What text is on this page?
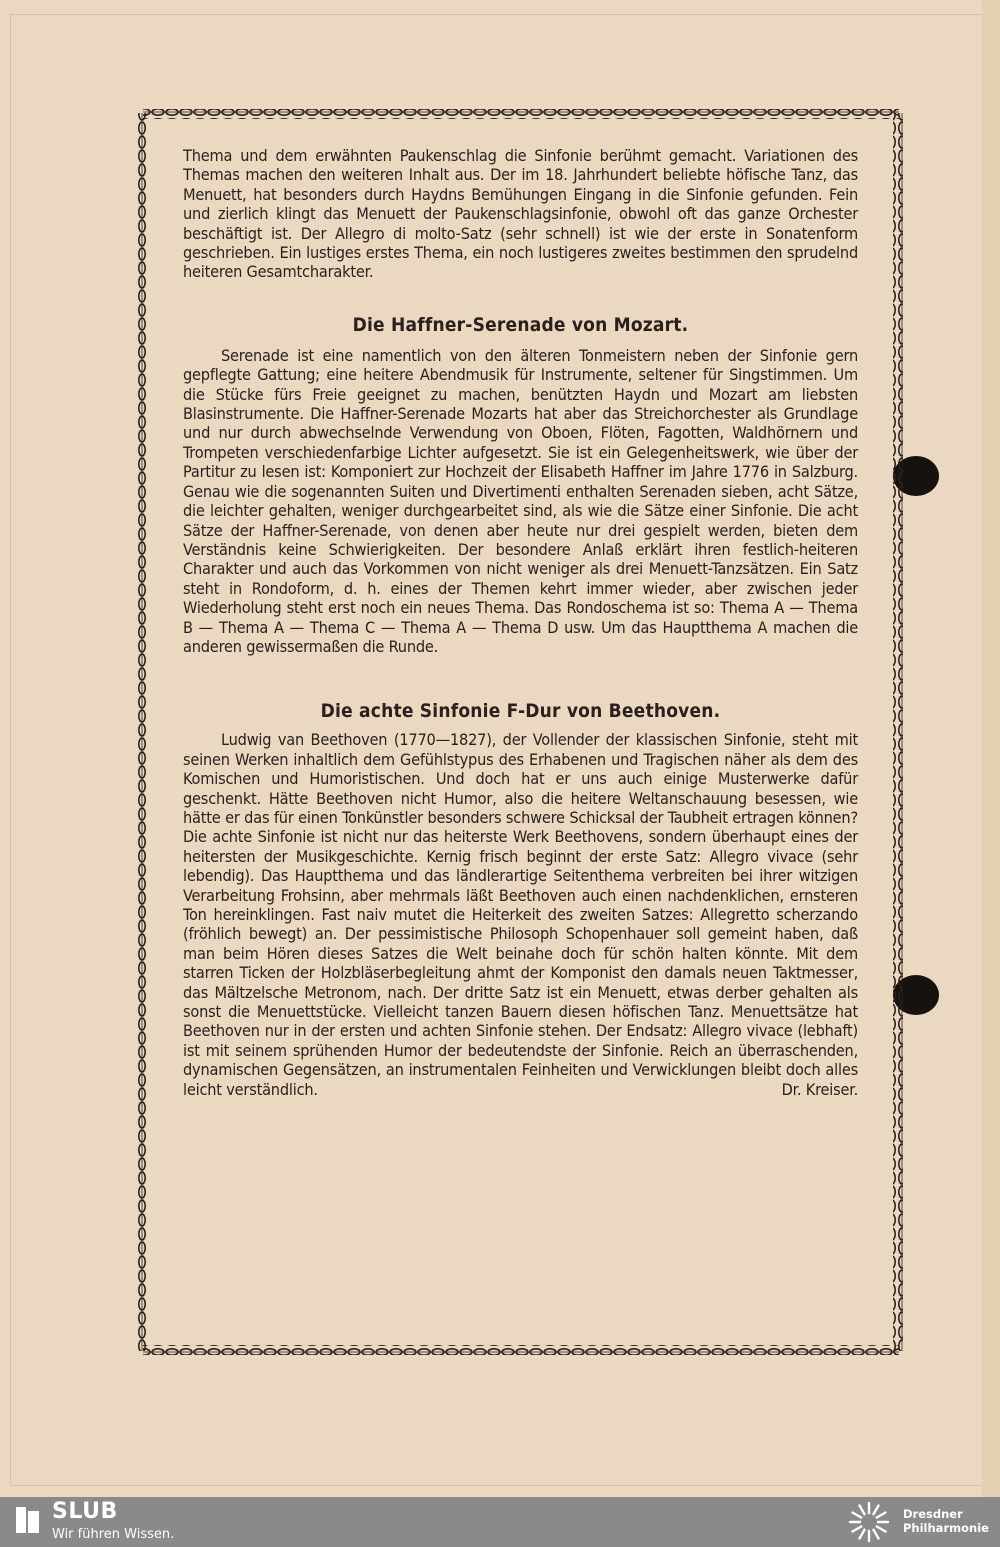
Thema und dem erwähnten Paukenschlag die Sinfonie berühmt gemacht. Variationen des Themas machen den weiteren Inhalt aus. Der im 18. Jahrhundert beliebte höfische Tanz, das Menuett, hat besonders durch Haydns Bemühungen Eingang in die Sinfonie gefunden. Fein und zierlich klingt das Menuett der Paukenschlagsinfonie, obwohl oft das ganze Orchester beschäftigt ist. Der Allegro di molto-Satz (sehr schnell) ist wie der erste in Sonatenform geschrieben. Ein lustiges erstes Thema, ein noch lustigeres zweites bestimmen den sprudelnd heiteren Gesamtcharakter.

Die Haffner-Serenade von Mozart.

Serenade ist eine namentlich von den älteren Tonmeistern neben der Sinfonie gern gepflegte Gattung; eine heitere Abendmusik für Instrumente, seltener für Singstimmen. Um die Stücke fürs Freie geeignet zu machen, benützten Haydn und Mozart am liebsten Blasinstrumente. Die Haffner-Serenade Mozarts hat aber das Streichorchester als Grundlage und nur durch abwechselnde Verwendung von Oboen, Flöten, Fagotten, Waldhörnern und Trompeten verschiedenfarbige Lichter aufgesetzt. Sie ist ein Gelegenheitswerk, wie über der Partitur zu lesen ist: Komponiert zur Hochzeit der Elisabeth Haffner im Jahre 1776 in Salzburg. Genau wie die sogenannten Suiten und Divertimenti enthalten Serenaden sieben, acht Sätze, die leichter gehalten, weniger durchgearbeitet sind, als wie die Sätze einer Sinfonie. Die acht Sätze der Haffner-Serenade, von denen aber heute nur drei gespielt werden, bieten dem Verständnis keine Schwierigkeiten. Der besondere Anlaß erklärt ihren festlich-heiteren Charakter und auch das Vorkommen von nicht weniger als drei Menuett-Tanzsätzen. Ein Satz steht in Rondoform, d. h. eines der Themen kehrt immer wieder, aber zwischen jeder Wiederholung steht erst noch ein neues Thema. Das Rondoschema ist so: Thema A — Thema B — Thema A — Thema C — Thema A — Thema D usw. Um das Hauptthema A machen die anderen gewissermaßen die Runde.

Die achte Sinfonie F-Dur von Beethoven.

Ludwig van Beethoven (1770—1827), der Vollender der klassischen Sinfonie, steht mit seinen Werken inhaltlich dem Gefühlstypus des Erhabenen und Tragischen näher als dem des Komischen und Humoristischen. Und doch hat er uns auch einige Musterwerke dafür geschenkt. Hätte Beethoven nicht Humor, also die heitere Weltanschauung besessen, wie hätte er das für einen Tonkünstler besonders schwere Schicksal der Taubheit ertragen können? Die achte Sinfonie ist nicht nur das heiterste Werk Beethovens, sondern überhaupt eines der heitersten der Musikgeschichte. Kernig frisch beginnt der erste Satz: Allegro vivace (sehr lebendig). Das Hauptthema und das ländlerartige Seitenthema verbreiten bei ihrer witzigen Verarbeitung Frohsinn, aber mehrmals läßt Beethoven auch einen nachdenklichen, ernsteren Ton hereinklingen. Fast naiv mutet die Heiterkeit des zweiten Satzes: Allegretto scherzando (fröhlich bewegt) an. Der pessimistische Philosoph Schopenhauer soll gemeint haben, daß man beim Hören dieses Satzes die Welt beinahe doch für schön halten könnte. Mit dem starren Ticken der Holzbläserbegleitung ahmt der Komponist den damals neuen Taktmesser, das Mältzelsche Metronom, nach. Der dritte Satz ist ein Menuett, etwas derber gehalten als sonst die Menuettstücke. Vielleicht tanzen Bauern diesen höfischen Tanz. Menuettsätze hat Beethoven nur in der ersten und achten Sinfonie stehen. Der Endsatz: Allegro vivace (lebhaft) ist mit seinem sprühenden Humor der bedeutendste der Sinfonie. Reich an überraschenden, dynamischen Gegensätzen, an instrumentalen Feinheiten und Verwicklungen bleibt doch alles leicht verständlich.	Dr. Kreiser.

SLUB
Wir führen Wissen.
Dresdner
Philharmonie
